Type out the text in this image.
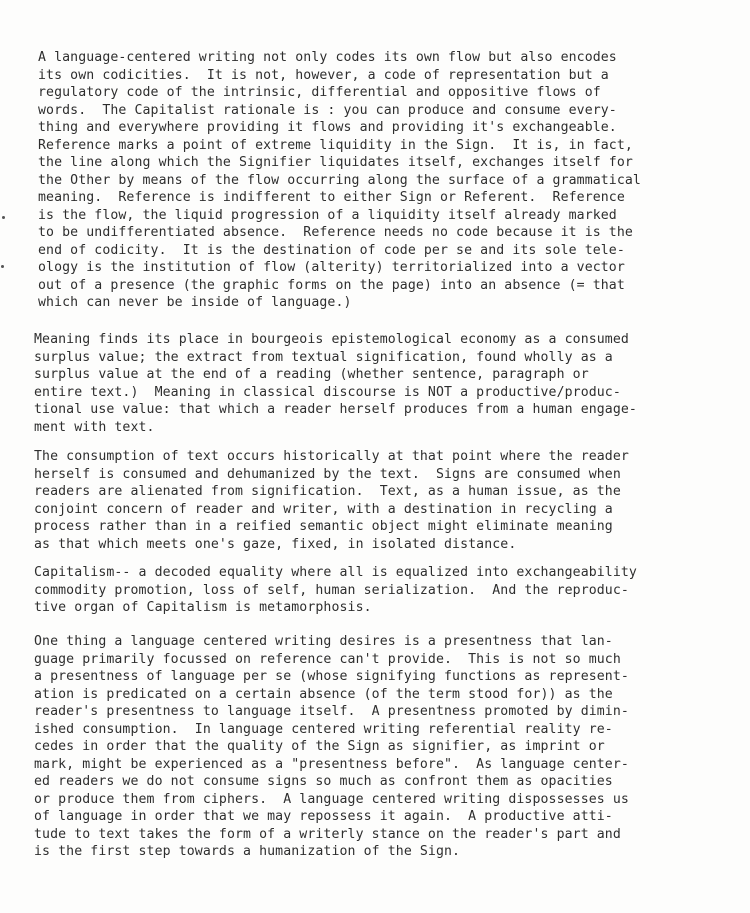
A language-centered writing not only codes its own flow but also encodes
its own codicities.  It is not, however, a code of representation but a
regulatory code of the intrinsic, differential and oppositive flows of
words.  The Capitalist rationale is : you can produce and consume every-
thing and everywhere providing it flows and providing it's exchangeable.
Reference marks a point of extreme liquidity in the Sign.  It is, in fact,
the line along which the Signifier liquidates itself, exchanges itself for
the Other by means of the flow occurring along the surface of a grammatical
meaning.  Reference is indifferent to either Sign or Referent.  Reference
is the flow, the liquid progression of a liquidity itself already marked
to be undifferentiated absence.  Reference needs no code because it is the
end of codicity.  It is the destination of code per se and its sole tele-
ology is the institution of flow (alterity) territorialized into a vector
out of a presence (the graphic forms on the page) into an absence (= that
which can never be inside of language.)
Meaning finds its place in bourgeois epistemological economy as a consumed
surplus value; the extract from textual signification, found wholly as a
surplus value at the end of a reading (whether sentence, paragraph or
entire text.)  Meaning in classical discourse is NOT a productive/produc-
tional use value: that which a reader herself produces from a human engage-
ment with text.
The consumption of text occurs historically at that point where the reader
herself is consumed and dehumanized by the text.  Signs are consumed when
readers are alienated from signification.  Text, as a human issue, as the
conjoint concern of reader and writer, with a destination in recycling a
process rather than in a reified semantic object might eliminate meaning
as that which meets one's gaze, fixed, in isolated distance.
Capitalism-- a decoded equality where all is equalized into exchangeability
commodity promotion, loss of self, human serialization.  And the reproduc-
tive organ of Capitalism is metamorphosis.
One thing a language centered writing desires is a presentness that lan-
guage primarily focussed on reference can't provide.  This is not so much
a presentness of language per se (whose signifying functions as represent-
ation is predicated on a certain absence (of the term stood for)) as the
reader's presentness to language itself.  A presentness promoted by dimin-
ished consumption.  In language centered writing referential reality re-
cedes in order that the quality of the Sign as signifier, as imprint or
mark, might be experienced as a "presentness before".  As language center-
ed readers we do not consume signs so much as confront them as opacities
or produce them from ciphers.  A language centered writing dispossesses us
of language in order that we may repossess it again.  A productive atti-
tude to text takes the form of a writerly stance on the reader's part and
is the first step towards a humanization of the Sign.
